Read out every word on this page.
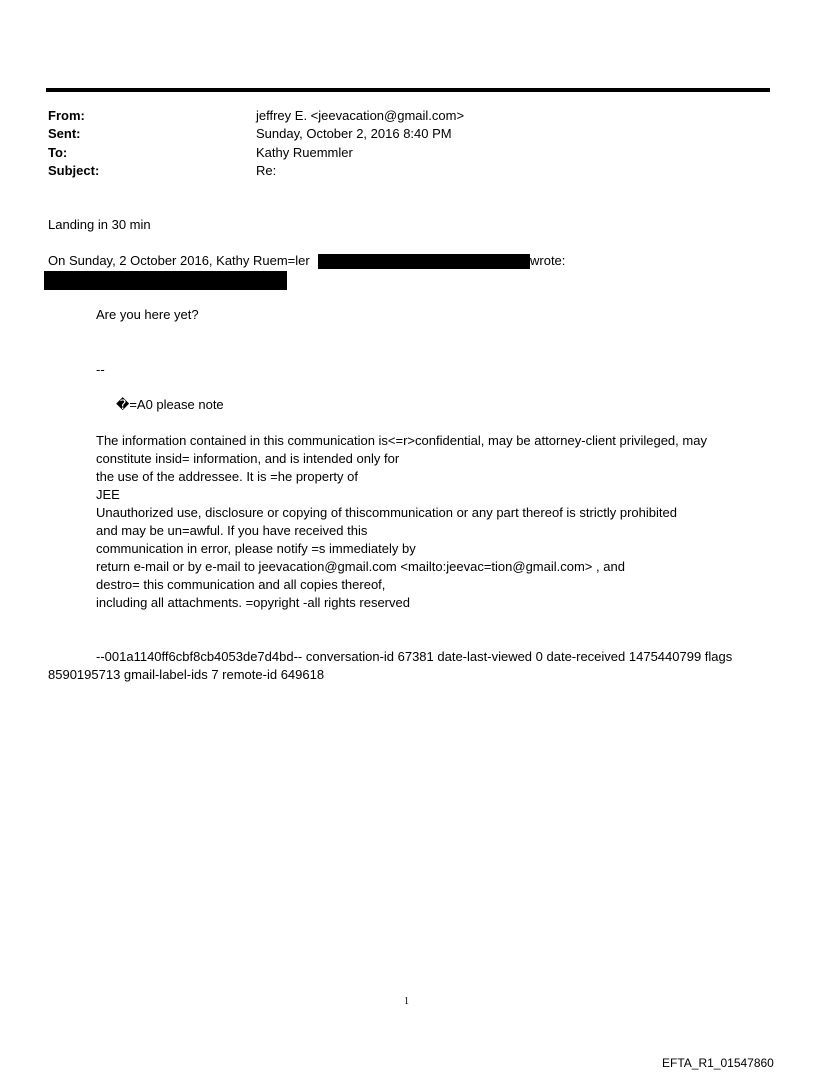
From:	jeffrey E. <jeevacation@gmail.com>
Sent:	Sunday, October 2, 2016 8:40 PM
To:	Kathy Ruemmler
Subject:	Re:
Landing in 30 min
On Sunday, 2 October 2016, Kathy Ruem=ler	wrote:
Are you here yet?
--
�=A0 please note
The information contained in this communication is<=r>confidential, may be attorney-client privileged, may
constitute insid= information, and is intended only for
the use of the addressee. It is =he property of
JEE
Unauthorized use, disclosure or copying of thiscommunication or any part thereof is strictly prohibited
and may be un=awful. If you have received this
communication in error, please notify =s immediately by
return e-mail or by e-mail to jeevacation@gmail.com <mailto:jeevac=tion@gmail.com> , and
destro= this communication and all copies thereof,
including all attachments. =opyright -all rights reserved
--001a1140ff6cbf8cb4053de7d4bd-- conversation-id 67381 date-last-viewed 0 date-received 1475440799 flags
8590195713 gmail-label-ids 7 remote-id 649618
1
EFTA_R1_01547860
